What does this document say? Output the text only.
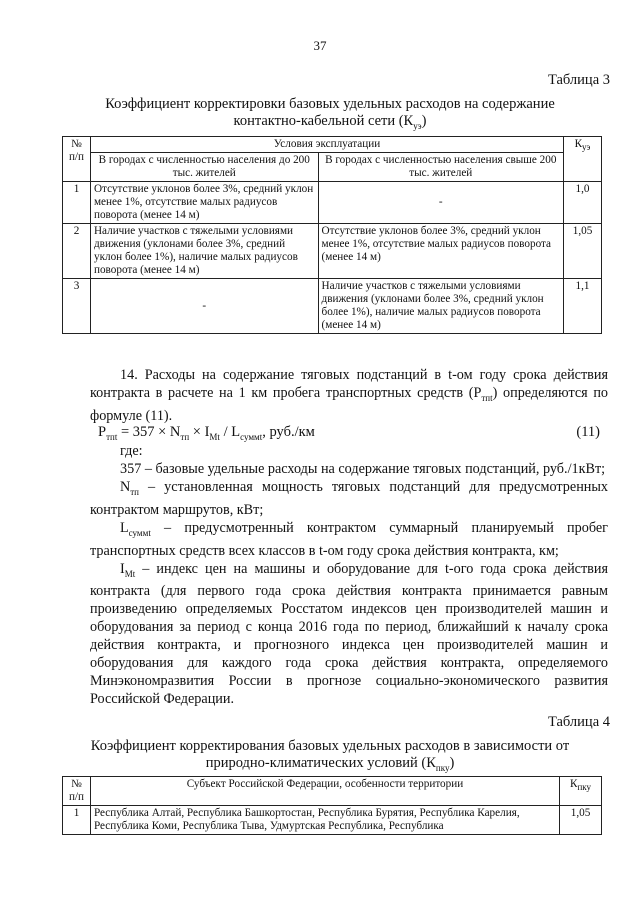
37
Таблица 3
Коэффициент корректировки базовых удельных расходов на содержание
контактно-кабельной сети $(К_{уэ})$
№ п/п	Условия эксплуатации		$К_{уэ}$
	В городах с численностью населения до 200 тыс. жителей	В городах с численностью населения свыше 200 тыс. жителей	
1	Отсутствие уклонов более 3%, средний уклон менее 1%, отсутствие малых радиусов поворота (менее 14 м)	-	1,0
2	Наличие участков с тяжелыми условиями движения (уклонами более 3%, средний уклон более 1%), наличие малых радиусов поворота (менее 14 м)	Отсутствие уклонов более 3%, средний уклон менее 1%, отсутствие малых радиусов поворота (менее 14 м)	1,05
3	-	Наличие участков с тяжелыми условиями движения (уклонами более 3%, средний уклон более 1%), наличие малых радиусов поворота (менее 14 м)	1,1

14. Расходы на содержание тяговых подстанций в t-ом году срока действия контракта в расчете на 1 км пробега транспортных средств $(Р_{тпt})$ определяются по формуле (11).

$P_{тпt} = 357 \times N_{тп} \times I_{Mt} / L_{суммt}$, руб./км	(11)

где:

357 – базовые удельные расходы на содержание тяговых подстанций, руб./1кВт;

$N_{тп}$ – установленная мощность тяговых подстанций для предусмотренных контрактом маршрутов, кВт;

$L_{суммt}$ – предусмотренный контрактом суммарный планируемый пробег транспортных средств всех классов в t-ом году срока действия контракта, км;

$I_{Mt}$ – индекс цен на машины и оборудование для t-ого года срока действия контракта (для первого года срока действия контракта принимается равным произведению определяемых Росстатом индексов цен производителей машин и оборудования за период с конца 2016 года по период, ближайший к началу срока действия контракта, и прогнозного индекса цен производителей машин и оборудования для каждого года срока действия контракта, определяемого Минэкономразвития России в прогнозе социально-экономического развития Российской Федерации.

Таблица 4
Коэффициент корректирования базовых удельных расходов в зависимости от
природно-климатических условий $(К_{пку})$
№ п/п	Субъект Российской Федерации, особенности территории	$К_{пку}$
1	Республика Алтай, Республика Башкортостан, Республика Бурятия, Республика Карелия, Республика Коми, Республика Тыва, Удмуртская Республика, Республика	1,05
